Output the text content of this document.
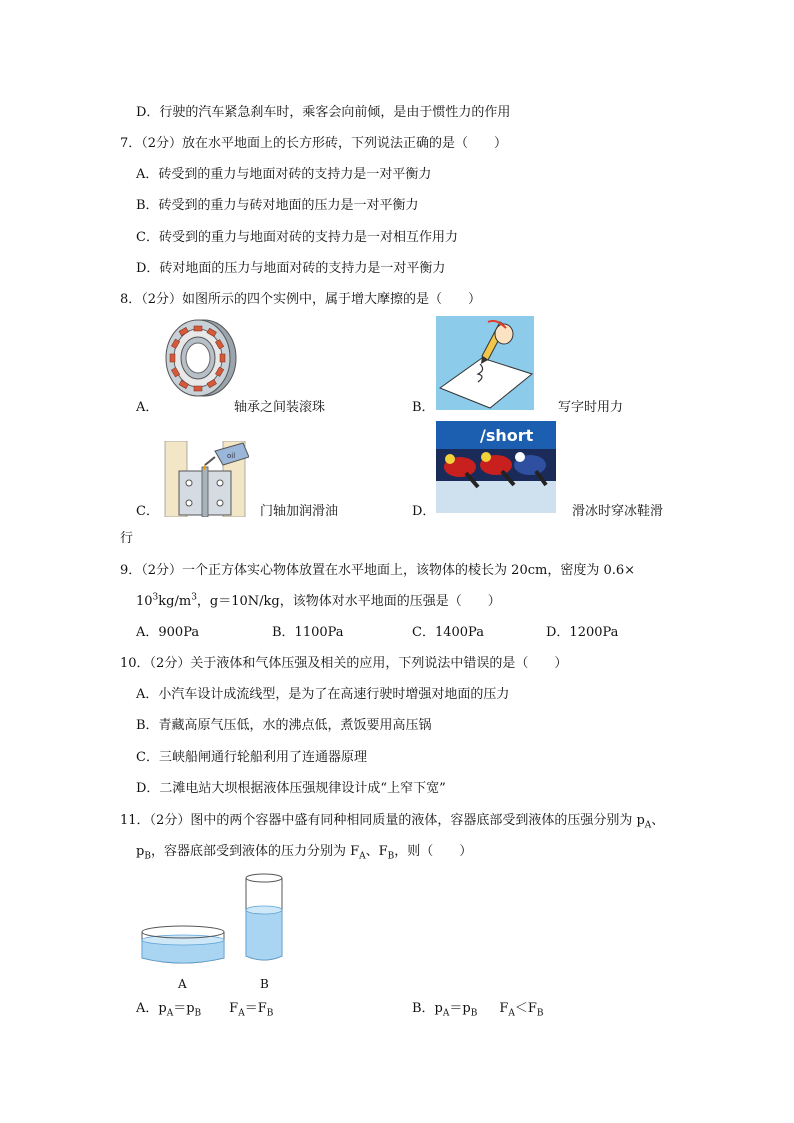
D．行驶的汽车紧急刹车时，乘客会向前倾，是由于惯性力的作用
7．（2分）放在水平地面上的长方形砖，下列说法正确的是（　　）
A．砖受到的重力与地面对砖的支持力是一对平衡力
B．砖受到的重力与砖对地面的压力是一对平衡力
C．砖受到的重力与地面对砖的支持力是一对相互作用力
D．砖对地面的压力与地面对砖的支持力是一对平衡力
8．（2分）如图所示的四个实例中，属于增大摩擦的是（　　）
A．	轴承之间装滚珠	B．	写字时用力
oil
C．	门轴加润滑油
/short
D．	滑冰时穿冰鞋滑
行
9．（2分）一个正方体实心物体放置在水平地面上，该物体的棱长为 20cm，密度为 0.6×
$10^3kg/m^3$，g＝10N/kg，该物体对水平地面的压强是（　　）
A．900Pa	B．1100Pa	C．1400Pa	D．1200Pa
10．（2分）关于液体和气体压强及相关的应用，下列说法中错误的是（　　）
A．小汽车设计成流线型，是为了在高速行驶时增强对地面的压力
B．青藏高原气压低，水的沸点低，煮饭要用高压锅
C．三峡船闸通行轮船利用了连通器原理
D．二滩电站大坝根据液体压强规律设计成“上窄下宽”
11．（2分）图中的两个容器中盛有同种相同质量的液体，容器底部受到液体的压强分别为 $p_A$、
$p_B$，容器底部受到液体的压力分别为 $F_A$、$F_B$，则（　　）
A	B
A．$p_A=p_B$ $F_A=F_B$	B．$p_A=p_B$ $F_A<F_B$
